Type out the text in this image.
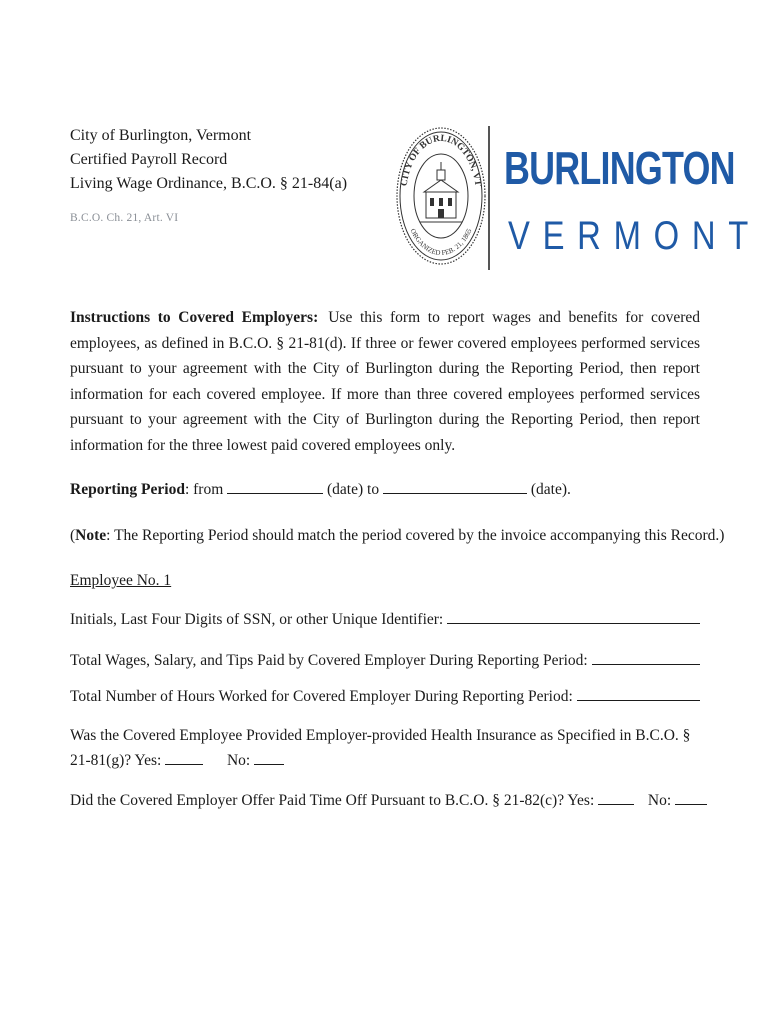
City of Burlington, Vermont
Certified Payroll Record
Living Wage Ordinance, B.C.O. § 21-84(a)
B.C.O. Ch. 21, Art. VI
CITY OF BURLINGTON, VT
ORGANIZED FEB. 21, 1865
BURLINGTON
VERMONT
Instructions to Covered Employers: Use this form to report wages and benefits for covered employees, as defined in B.C.O. § 21-81(d). If three or fewer covered employees performed services pursuant to your agreement with the City of Burlington during the Reporting Period, then report information for each covered employee. If more than three covered employees performed services pursuant to your agreement with the City of Burlington during the Reporting Period, then report information for the three lowest paid covered employees only.
Reporting Period: from	(date) to	(date).
(Note: The Reporting Period should match the period covered by the invoice accompanying this Record.)
Employee No. 1
Initials, Last Four Digits of SSN, or other Unique Identifier:
Total Wages, Salary, and Tips Paid by Covered Employer During Reporting Period:
Total Number of Hours Worked for Covered Employer During Reporting Period:
Was the Covered Employee Provided Employer-provided Health Insurance as Specified in B.C.O. § 21-81(g)? Yes:	No:
Did the Covered Employer Offer Paid Time Off Pursuant to B.C.O. § 21-82(c)? Yes:	No:
